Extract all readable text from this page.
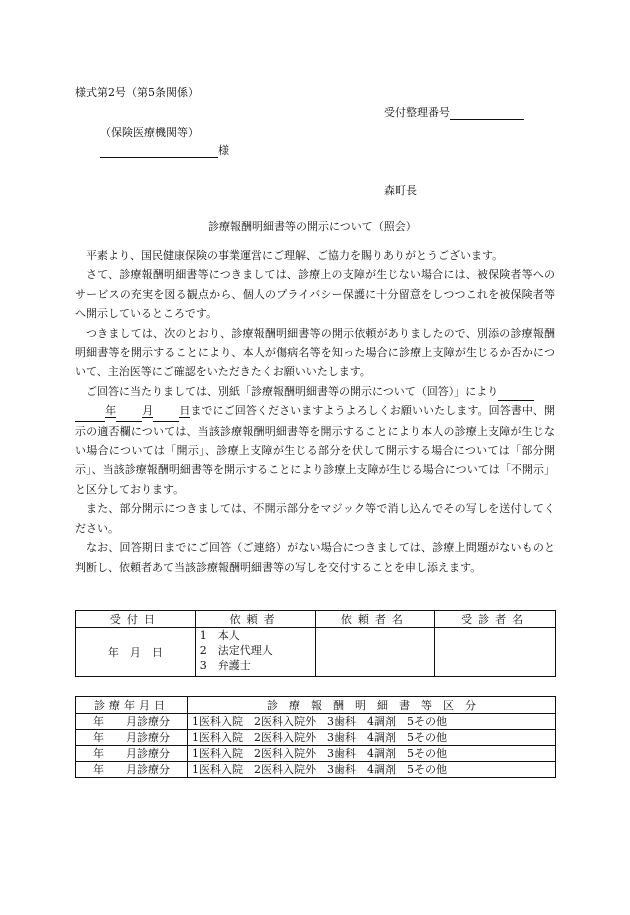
様式第2号（第5条関係）
受付整理番号
（保険医療機関等）
様
森町長
診療報酬明細書等の開示について（照会）

平素より、国民健康保険の事業運営にご理解、ご協力を賜りありがとうございます。

さて、診療報酬明細書等につきましては、診療上の支障が生じない場合には、被保険者等へのサービスの充実を図る観点から、個人のプライバシー保護に十分留意をしつつこれを被保険者等へ開示しているところです。

つきましては、次のとおり、診療報酬明細書等の開示依頼がありましたので、別添の診療報酬明細書等を開示することにより、本人が傷病名等を知った場合に診療上支障が生じるか否かについて、主治医等にご確認をいただきたくお願いいたします。

ご回答に当たりましては、別紙「診療報酬明細書等の開示について（回答）」により
年 月 日までにご回答くださいますようよろしくお願いいたします。回答書中、開示の適否欄については、当該診療報酬明細書等を開示することにより本人の診療上支障が生じない場合については「開示」、診療上支障が生じる部分を伏して開示する場合については「部分開示」、当該診療報酬明細書等を開示することにより診療上支障が生じる場合については「不開示」と区分しております。

また、部分開示につきましては、不開示部分をマジック等で消し込んでその写しを送付してください。

なお、回答期日までにご回答（ご連絡）がない場合につきましては、診療上問題がないものと判断し、依頼者あて当該診療報酬明細書等の写しを交付することを申し添えます。

受付日	依頼者	依頼者名	受診者名
年　月　日	1　本人
2　法定代理人
3　弁護士		

診療年月日	診　療　報　酬　明　細　書　等　区　分
年　　月診療分	1医科入院　2医科入院外　3歯科　4調剤　5その他
年　　月診療分	1医科入院　2医科入院外　3歯科　4調剤　5その他
年　　月診療分	1医科入院　2医科入院外　3歯科　4調剤　5その他
年　　月診療分	1医科入院　2医科入院外　3歯科　4調剤　5その他
